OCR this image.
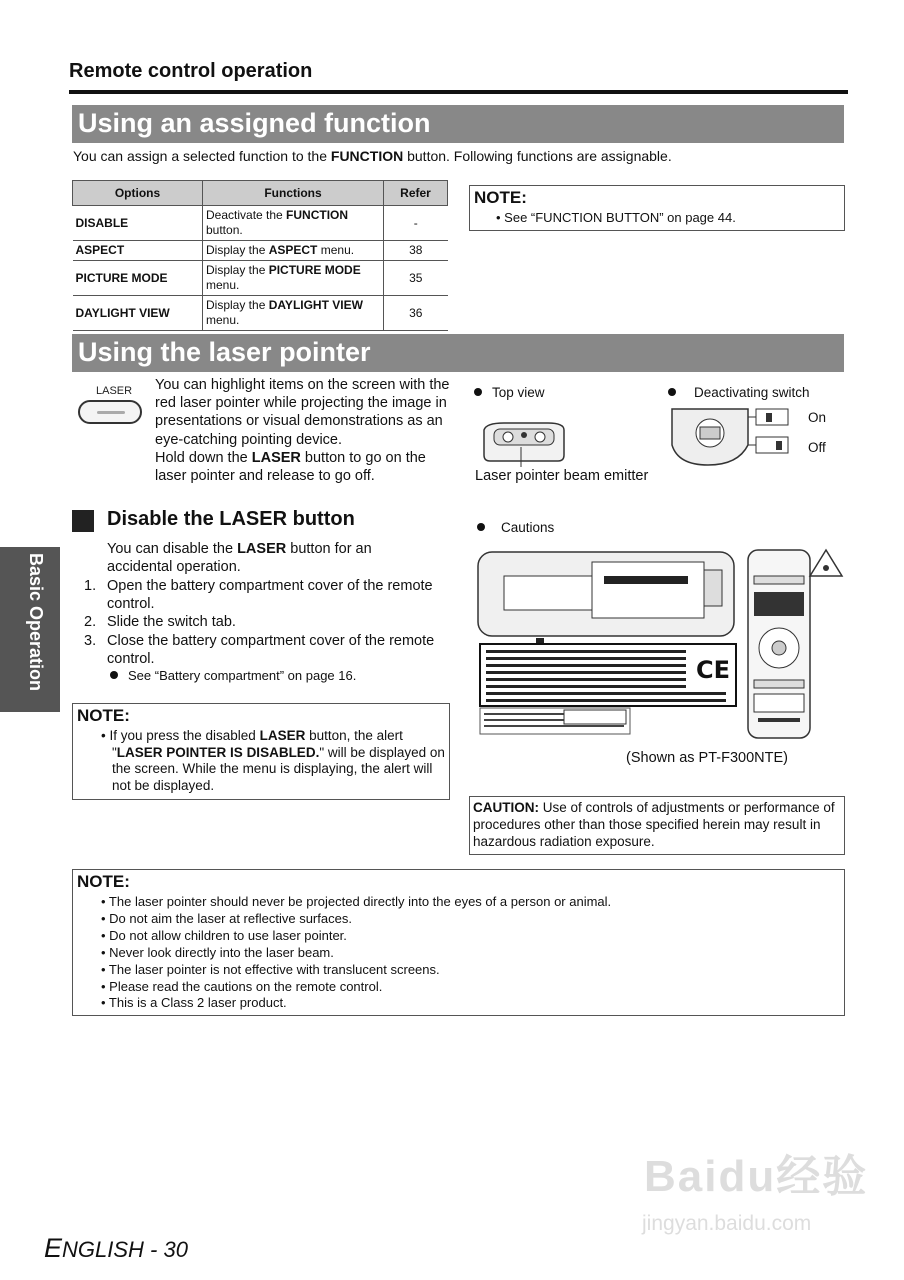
Remote control operation
Using an assigned function
You can assign a selected function to the FUNCTION button. Following functions are assignable.
Options	Functions	Refer
DISABLE	Deactivate the FUNCTION button.	-
ASPECT	Display the ASPECT menu.	38
PICTURE MODE	Display the PICTURE MODE menu.	35
DAYLIGHT VIEW	Display the DAYLIGHT VIEW menu.	36
NOTE:
• See “FUNCTION BUTTON” on page 44.
Using the laser pointer
LASER You can highlight items on the screen with the red laser pointer while projecting the image in presentations or visual demonstrations as an eye-catching pointing device.
Hold down the LASER button to go on the laser pointer and release to go off.
Disable the LASER button
You can disable the LASER button for an accidental operation.
1. Open the battery compartment cover of the remote control.
2. Slide the switch tab.
3. Close the battery compartment cover of the remote control.
See “Battery compartment” on page 16.
NOTE:
• If you press the disabled LASER button, the alert "LASER POINTER IS DISABLED." will be displayed on the screen. While the menu is displaying, the alert will not be displayed.
Top view	Deactivating switch
Laser pointer beam emitter
On
Off
Cautions
CE
(Shown as PT-F300NTE)
CAUTION: Use of controls of adjustments or performance of procedures other than those specified herein may result in hazardous radiation exposure.
NOTE:
• The laser pointer should never be projected directly into the eyes of a person or animal.
• Do not aim the laser at reflective surfaces.
• Do not allow children to use laser pointer.
• Never look directly into the laser beam.
• The laser pointer is not effective with translucent screens.
• Please read the cautions on the remote control.
• This is a Class 2 laser product.
Basic Operation
ENGLISH - 30
Baidu经验
jingyan.baidu.com
